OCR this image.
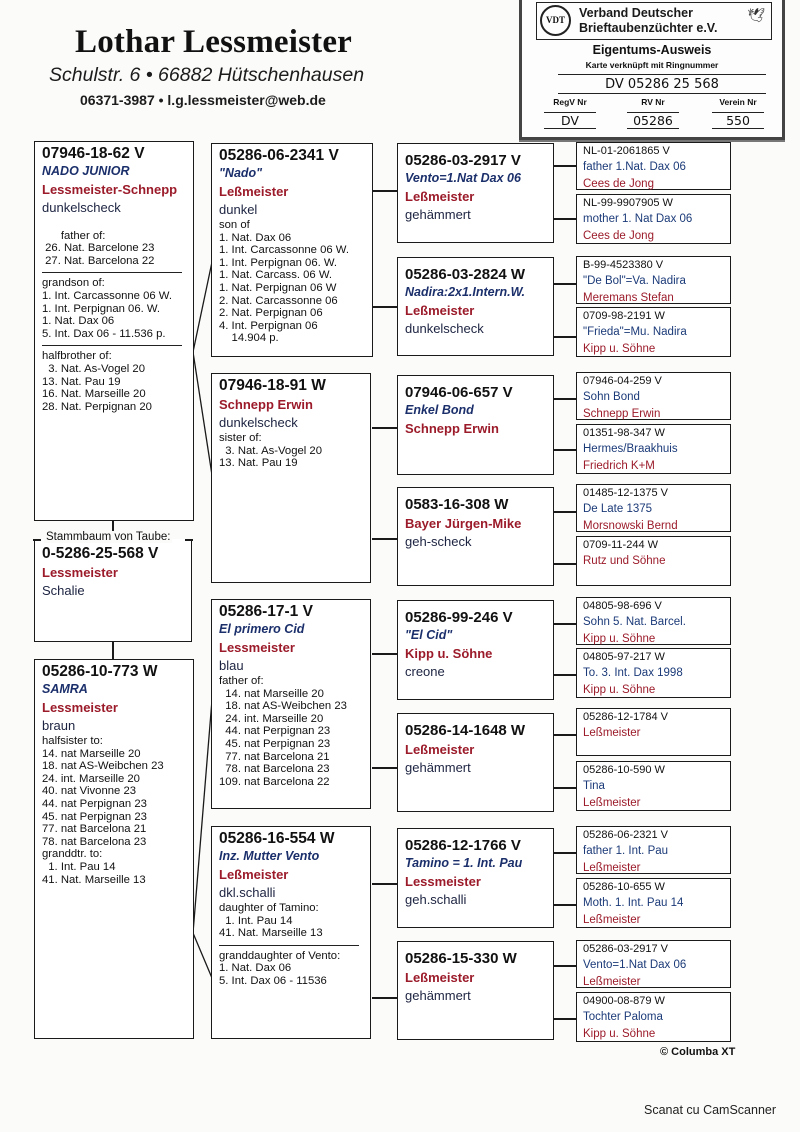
Lothar Lessmeister
Schulstr. 6 • 66882 Hütschenhausen
06371-3987 • l.g.lessmeister@web.de
VDT	Verband Deutscher
Brieftaubenzüchter e.V.
🕊
Eigentums-Ausweis
Karte verknüpft mit Ringnummer
DV 05286 25 568
RegV Nr	RV Nr	Verein Nr
DV	05286	550
07946-18-62 V
NADO JUNIOR
Lessmeister-Schnepp
dunkelscheck

father of:
26. Nat. Barcelone 23
27. Nat. Barcelona 22
grandson of:
1. Int. Carcassonne 06 W.
1. Int. Perpignan 06. W.
1. Nat. Dax 06
5. Int. Dax 06 - 11.536 p.
halfbrother of:
3. Nat. As-Vogel 20
13. Nat. Pau 19
16. Nat. Marseille 20
28. Nat. Perpignan 20

0-5286-25-568 V
Lessmeister
Schalie
Stammbaum von Taube:
05286-10-773 W
SAMRA
Lessmeister
braun
halfsister to:
14. nat Marseille 20
18. nat AS-Weibchen 23
24. int. Marseille 20
40. nat Vivonne 23
44. nat Perpignan 23
45. nat Perpignan 23
77. nat Barcelona 21
78. nat Barcelona 23
granddtr. to:
1. Int. Pau 14
41. Nat. Marseille 13
05286-06-2341 V
"Nado"
Leßmeister
dunkel
son of
1. Nat. Dax 06
1. Int. Carcassonne 06 W.
1. Int. Perpignan 06. W.
1. Nat. Carcass. 06 W.
1. Nat. Perpignan 06 W
2. Nat. Carcassonne 06
2. Nat. Perpignan 06
4. Int. Perpignan 06
14.904 p.
07946-18-91 W
Schnepp Erwin
dunkelscheck
sister of:
3. Nat. As-Vogel 20
13. Nat. Pau 19
05286-17-1 V
El primero Cid
Lessmeister
blau
father of:
14. nat Marseille 20
18. nat AS-Weibchen 23
24. int. Marseille 20
44. nat Perpignan 23
45. nat Perpignan 23
77. nat Barcelona 21
78. nat Barcelona 23
109. nat Barcelona 22
05286-16-554 W
Inz. Mutter Vento
Leßmeister
dkl.schalli
daughter of Tamino:
1. Int. Pau 14
41. Nat. Marseille 13
granddaughter of Vento:
1. Nat. Dax 06
5. Int. Dax 06 - 11536
05286-03-2917 V
Vento=1.Nat Dax 06
Leßmeister
gehämmert
05286-03-2824 W
Nadira:2x1.Intern.W.
Leßmeister
dunkelscheck
07946-06-657 V
Enkel Bond
Schnepp Erwin
0583-16-308 W
Bayer Jürgen-Mike
geh-scheck
05286-99-246 V
"El Cid"
Kipp u. Söhne
creone
05286-14-1648 W
Leßmeister
gehämmert
05286-12-1766 V
Tamino = 1. Int. Pau
Lessmeister
geh.schalli
05286-15-330 W
Leßmeister
gehämmert
NL-01-2061865 V
father 1.Nat. Dax 06
Cees de Jong
NL-99-9907905 W
mother 1. Nat Dax 06
Cees de Jong
B-99-4523380 V
"De Bol"=Va. Nadira
Meremans Stefan
0709-98-2191 W
"Frieda"=Mu. Nadira
Kipp u. Söhne
07946-04-259 V
Sohn Bond
Schnepp Erwin
01351-98-347 W
Hermes/Braakhuis
Friedrich K+M
01485-12-1375 V
De Late 1375
Morsnowski Bernd
0709-11-244 W
Rutz und Söhne
04805-98-696 V
Sohn 5. Nat. Barcel.
Kipp u. Söhne
04805-97-217 W
To. 3. Int. Dax 1998
Kipp u. Söhne
05286-12-1784 V
Leßmeister
05286-10-590 W
Tina
Leßmeister
05286-06-2321 V
father 1. Int. Pau
Leßmeister
05286-10-655 W
Moth. 1. Int. Pau 14
Leßmeister
05286-03-2917 V
Vento=1.Nat Dax 06
Leßmeister
04900-08-879 W
Tochter Paloma
Kipp u. Söhne
© Columba XT
Scanat cu CamScanner
